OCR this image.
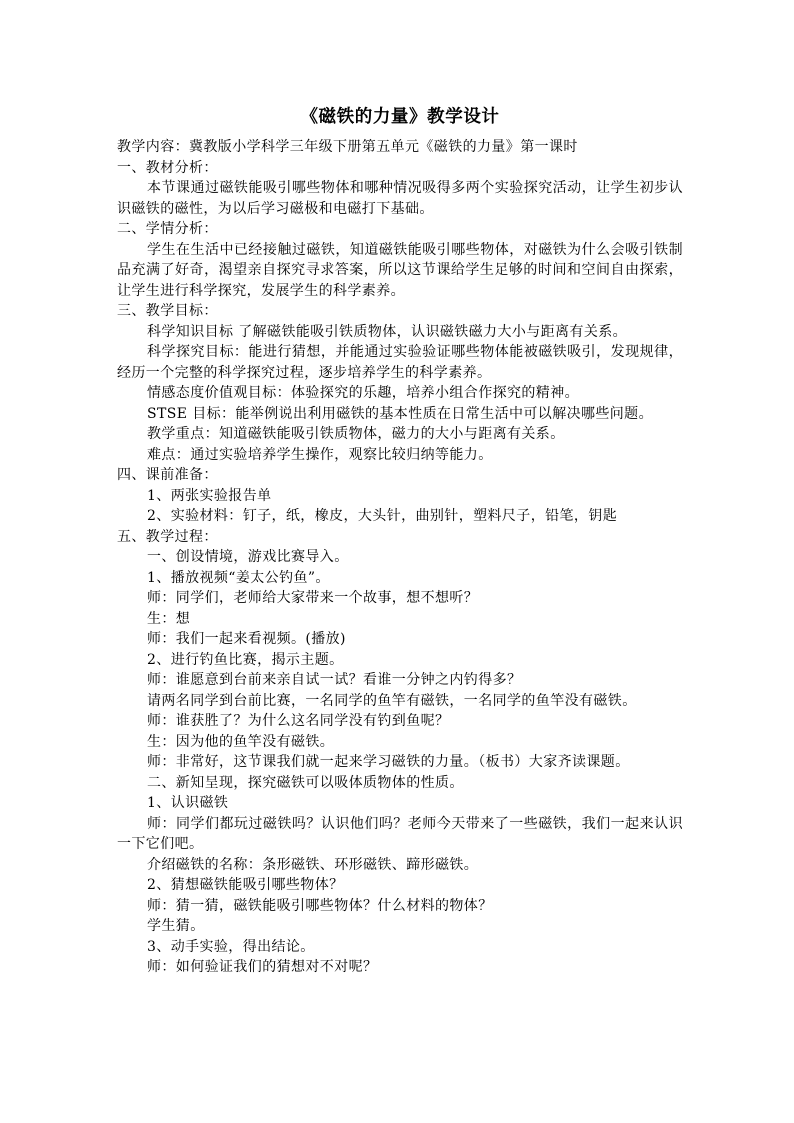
《磁铁的力量》教学设计
教学内容：冀教版小学科学三年级下册第五单元《磁铁的力量》第一课时
一、教材分析：
本节课通过磁铁能吸引哪些物体和哪种情况吸得多两个实验探究活动，让学生初步认识磁铁的磁性，为以后学习磁极和电磁打下基础。
二、学情分析：
学生在生活中已经接触过磁铁，知道磁铁能吸引哪些物体，对磁铁为什么会吸引铁制品充满了好奇，渴望亲自探究寻求答案，所以这节课给学生足够的时间和空间自由探索，让学生进行科学探究，发展学生的科学素养。
三、教学目标：
科学知识目标 了解磁铁能吸引铁质物体，认识磁铁磁力大小与距离有关系。
科学探究目标：能进行猜想，并能通过实验验证哪些物体能被磁铁吸引，发现规律，经历一个完整的科学探究过程，逐步培养学生的科学素养。
情感态度价值观目标：体验探究的乐趣，培养小组合作探究的精神。
STSE 目标：能举例说出利用磁铁的基本性质在日常生活中可以解决哪些问题。
教学重点：知道磁铁能吸引铁质物体，磁力的大小与距离有关系。
难点：通过实验培养学生操作，观察比较归纳等能力。
四、课前准备：
1、两张实验报告单
2、实验材料：钉子，纸，橡皮，大头针，曲别针，塑料尺子，铅笔，钥匙
五、教学过程：
一、创设情境，游戏比赛导入。
1、播放视频“姜太公钓鱼”。
师：同学们，老师给大家带来一个故事，想不想听？
生：想
师：我们一起来看视频。(播放)
2、进行钓鱼比赛，揭示主题。
师：谁愿意到台前来亲自试一试？看谁一分钟之内钓得多？
请两名同学到台前比赛，一名同学的鱼竿有磁铁，一名同学的鱼竿没有磁铁。
师：谁获胜了？为什么这名同学没有钓到鱼呢？
生：因为他的鱼竿没有磁铁。
师：非常好，这节课我们就一起来学习磁铁的力量。（板书）大家齐读课题。
二、新知呈现，探究磁铁可以吸体质物体的性质。
1、认识磁铁
师：同学们都玩过磁铁吗？认识他们吗？老师今天带来了一些磁铁，我们一起来认识一下它们吧。
介绍磁铁的名称：条形磁铁、环形磁铁、蹄形磁铁。
2、猜想磁铁能吸引哪些物体？
师：猜一猜，磁铁能吸引哪些物体？什么材料的物体？
学生猜。
3、动手实验，得出结论。
师：如何验证我们的猜想对不对呢？
